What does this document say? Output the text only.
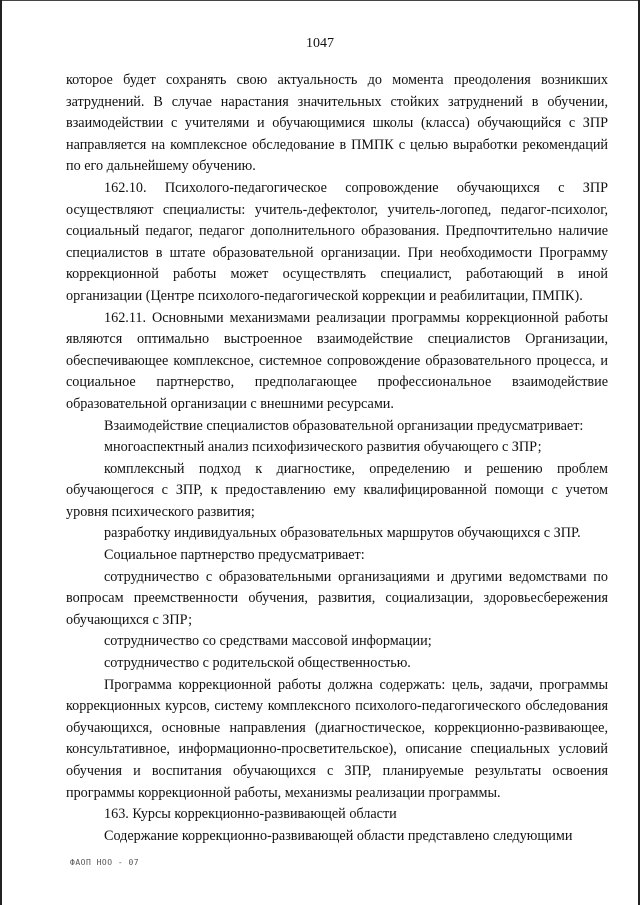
1047

которое будет сохранять свою актуальность до момента преодоления возникших затруднений. В случае нарастания значительных стойких затруднений в обучении, взаимодействии с учителями и обучающимися школы (класса) обучающийся с ЗПР направляется на комплексное обследование в ПМПК с целью выработки рекомендаций по его дальнейшему обучению.

162.10. Психолого-педагогическое сопровождение обучающихся с ЗПР осуществляют специалисты: учитель-дефектолог, учитель-логопед, педагог-психолог, социальный педагог, педагог дополнительного образования. Предпочтительно наличие специалистов в штате образовательной организации. При необходимости Программу коррекционной работы может осуществлять специалист, работающий в иной организации (Центре психолого-педагогической коррекции и реабилитации, ПМПК).

162.11. Основными механизмами реализации программы коррекционной работы являются оптимально выстроенное взаимодействие специалистов Организации, обеспечивающее комплексное, системное сопровождение образовательного процесса, и социальное партнерство, предполагающее профессиональное взаимодействие образовательной организации с внешними ресурсами.

Взаимодействие специалистов образовательной организации предусматривает:

многоаспектный анализ психофизического развития обучающего с ЗПР;

комплексный подход к диагностике, определению и решению проблем обучающегося с ЗПР, к предоставлению ему квалифицированной помощи с учетом уровня психического развития;

разработку индивидуальных образовательных маршрутов обучающихся с ЗПР.

Социальное партнерство предусматривает:

сотрудничество с образовательными организациями и другими ведомствами по вопросам преемственности обучения, развития, социализации, здоровьесбережения обучающихся с ЗПР;

сотрудничество со средствами массовой информации;

сотрудничество с родительской общественностью.

Программа коррекционной работы должна содержать: цель, задачи, программы коррекционных курсов, систему комплексного психолого-педагогического обследования обучающихся, основные направления (диагностическое, коррекционно-развивающее, консультативное, информационно-просветительское), описание специальных условий обучения и воспитания обучающихся с ЗПР, планируемые результаты освоения программы коррекционной работы, механизмы реализации программы.

163. Курсы коррекционно-развивающей области

Содержание коррекционно-развивающей области представлено следующими

ФАОП НОО - 07
